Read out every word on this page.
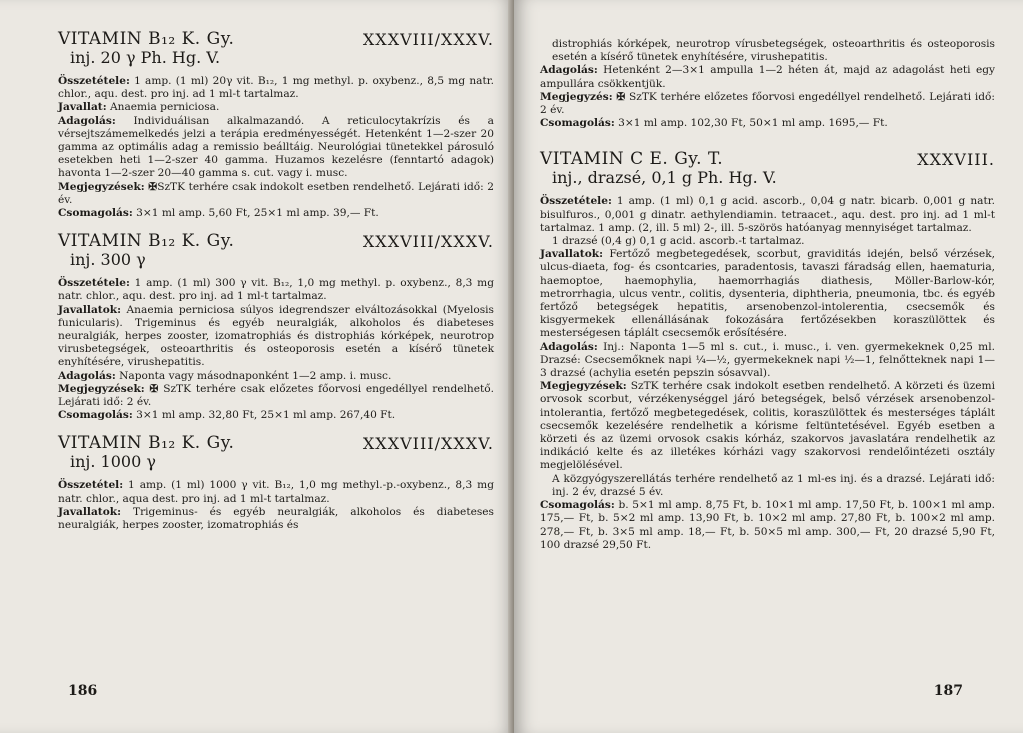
VITAMIN B₁₂ K. Gy.	XXXVIII/XXXV.
inj. 20 γ Ph. Hg. V.

Összetétele: 1 amp. (1 ml) 20γ vit. B₁₂, 1 mg methyl. p. oxybenz., 8,5 mg natr. chlor., aqu. dest. pro inj. ad 1 ml-t tartalmaz.

Javallat: Anaemia perniciosa.

Adagolás: Individuálisan alkalmazandó. A reticulocytakrízis és a vérsejtszámemelkedés jelzi a terápia eredményességét. Hetenként 1—2-szer 20 gamma az optimális adag a remissio beálltáig. Neurológiai tünetekkel párosuló esetekben heti 1—2-szer 40 gamma. Huzamos kezelésre (fenntartó adagok) havonta 1—2-szer 20—40 gamma s. cut. vagy i. musc.

Megjegyzések: ✠SzTK terhére csak indokolt esetben rendelhető. Lejárati idő: 2 év.

Csomagolás: 3×1 ml amp. 5,60 Ft, 25×1 ml amp. 39,— Ft.

VITAMIN B₁₂ K. Gy.	XXXVIII/XXXV.
inj. 300 γ

Összetétele: 1 amp. (1 ml) 300 γ vit. B₁₂, 1,0 mg methyl. p. oxybenz., 8,3 mg natr. chlor., aqu. dest. pro inj. ad 1 ml-t tartalmaz.

Javallatok: Anaemia perniciosa súlyos idegrendszer elváltozásokkal (Myelosis funicularis). Trigeminus és egyéb neuralgiák, alkoholos és diabeteses neuralgiák, herpes zooster, izomatrophiás és distrophiás kórképek, neurotrop virusbetegségek, osteoarthritis és osteoporosis esetén a kísérő tünetek enyhítésére, virushepatitis.

Adagolás: Naponta vagy másodnaponként 1—2 amp. i. musc.

Megjegyzések: ✠ SzTK terhére csak előzetes főorvosi engedéllyel rendelhető. Lejárati idő: 2 év.

Csomagolás: 3×1 ml amp. 32,80 Ft, 25×1 ml amp. 267,40 Ft.

VITAMIN B₁₂ K. Gy.	XXXVIII/XXXV.
inj. 1000 γ

Összetétel: 1 amp. (1 ml) 1000 γ vit. B₁₂, 1,0 mg methyl.-p.-oxybenz., 8,3 mg natr. chlor., aqua dest. pro inj. ad 1 ml-t tartalmaz.

Javallatok: Trigeminus- és egyéb neuralgiák, alkoholos és diabeteses neuralgiák, herpes zooster, izomatrophiás és

186

distrophiás kórképek, neurotrop vírusbetegségek, osteoarthritis és osteoporosis esetén a kísérő tünetek enyhítésére, virushepatitis.

Adagolás: Hetenként 2—3×1 ampulla 1—2 héten át, majd az adagolást heti egy ampullára csökkentjük.

Megjegyzés: ✠ SzTK terhére előzetes főorvosi engedéllyel rendelhető. Lejárati idő: 2 év.

Csomagolás: 3×1 ml amp. 102,30 Ft, 50×1 ml amp. 1695,— Ft.

VITAMIN C E. Gy. T.	XXXVIII.
inj., drazsé, 0,1 g Ph. Hg. V.

Összetétele: 1 amp. (1 ml) 0,1 g acid. ascorb., 0,04 g natr. bicarb. 0,001 g natr. bisulfuros., 0,001 g dinatr. aethylendiamin. tetraacet., aqu. dest. pro inj. ad 1 ml-t tartalmaz. 1 amp. (2, ill. 5 ml) 2-, ill. 5-szörös hatóanyag mennyiséget tartalmaz.

1 drazsé (0,4 g) 0,1 g acid. ascorb.-t tartalmaz.

Javallatok: Fertőző megbetegedések, scorbut, graviditás idején, belső vérzések, ulcus-diaeta, fog- és csontcaries, paradentosis, tavaszi fáradság ellen, haematuria, haemoptoe, haemophylia, haemorrhagiás diathesis, Möller-Barlow-kór, metrorrhagia, ulcus ventr., colitis, dysenteria, diphtheria, pneumonia, tbc. és egyéb fertőző betegségek hepatitis, arsenobenzol-intolerentia, csecsemők és kisgyermekek ellenállásának fokozására fertőzésekben koraszülöttek és mesterségesen táplált csecsemők erősítésére.

Adagolás: Inj.: Naponta 1—5 ml s. cut., i. musc., i. ven. gyermekeknek 0,25 ml. Drazsé: Csecsemőknek napi ¼—½, gyermekeknek napi ½—1, felnőtteknek napi 1—3 drazsé (achylia esetén pepszin sósavval).

Megjegyzések: SzTK terhére csak indokolt esetben rendelhető. A körzeti és üzemi orvosok scorbut, vérzékenységgel járó betegségek, belső vérzések arsenobenzol-intolerantia, fertőző megbetegedések, colitis, koraszülöttek és mesterséges táplált csecsemők kezelésére rendelhetik a kórisme feltüntetésével. Egyéb esetben a körzeti és az üzemi orvosok csakis kórház, szakorvos javaslatára rendelhetik az indikáció kelte és az illetékes kórházi vagy szakorvosi rendelőintézeti osztály megjelölésével.

A közgyógyszerellátás terhére rendelhető az 1 ml-es inj. és a drazsé. Lejárati idő: inj. 2 év, drazsé 5 év.

Csomagolás: b. 5×1 ml amp. 8,75 Ft, b. 10×1 ml amp. 17,50 Ft, b. 100×1 ml amp. 175,— Ft, b. 5×2 ml amp. 13,90 Ft, b. 10×2 ml amp. 27,80 Ft, b. 100×2 ml amp. 278,— Ft, b. 3×5 ml amp. 18,— Ft, b. 50×5 ml amp. 300,— Ft, 20 drazsé 5,90 Ft, 100 drazsé 29,50 Ft.

187
